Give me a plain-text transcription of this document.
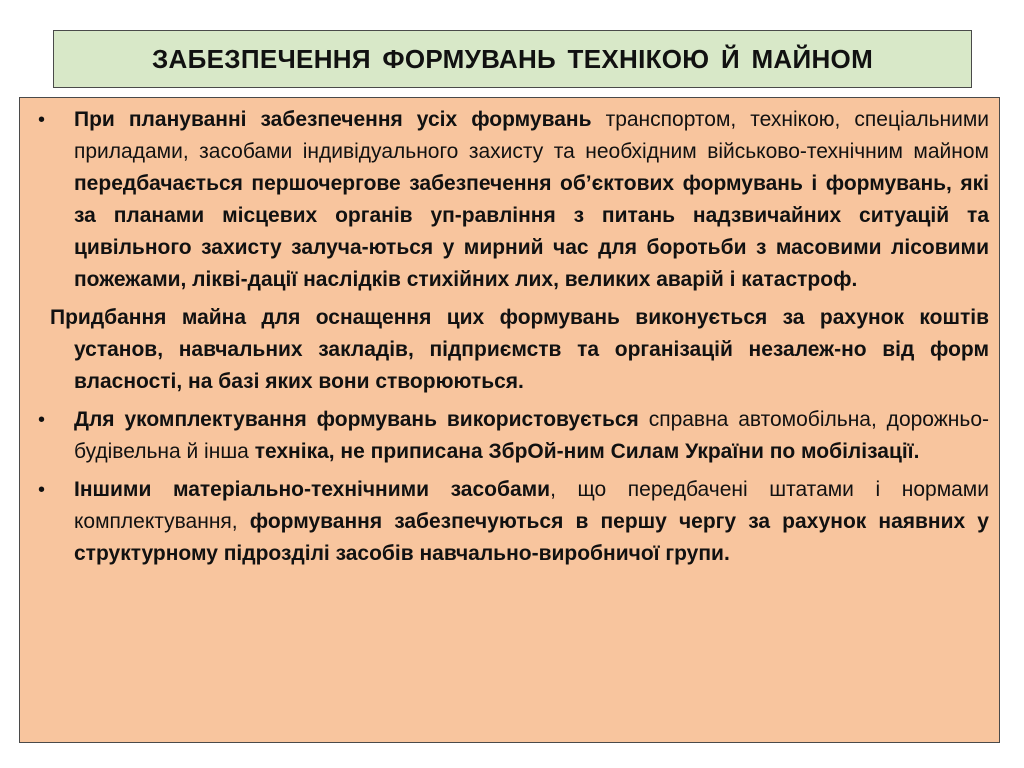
ЗАБЕЗПЕЧЕННЯ ФОРМУВАНЬ ТЕХНІКОЮ Й МАЙНОМ

• При плануванні забезпечення усіх формувань транспортом, технікою, спеціальними приладами, засобами індивідуального захисту та необхідним військово-технічним майном передбачається першочергове забезпечення об’єктових формувань і формувань, які за планами місцевих органів уп-равління з питань надзвичайних ситуацій та цивільного захисту залуча-ються у мирний час для боротьби з масовими лісовими пожежами, ліквi-дації наслідків стихійних лих, великих аварій і катастроф.

Придбання майна для оснащення цих формувань виконується за рахунок коштів установ, навчальних закладів, підприємств та організацій незалеж-но від форм власності, на базі яких вони створюються.

• Для укомплектування формувань використовується справна автомобільна, дорожньо-будівельна й інша техніка, не приписана ЗбрОй-ним Силам України по мобілізації.

• Іншими матеріально-технічними засобами, що передбачені штатами і нормами комплектування, формування забезпечуються в першу чергу за рахунок наявних у структурному підрозділі засобів навчально-виробничої групи.
